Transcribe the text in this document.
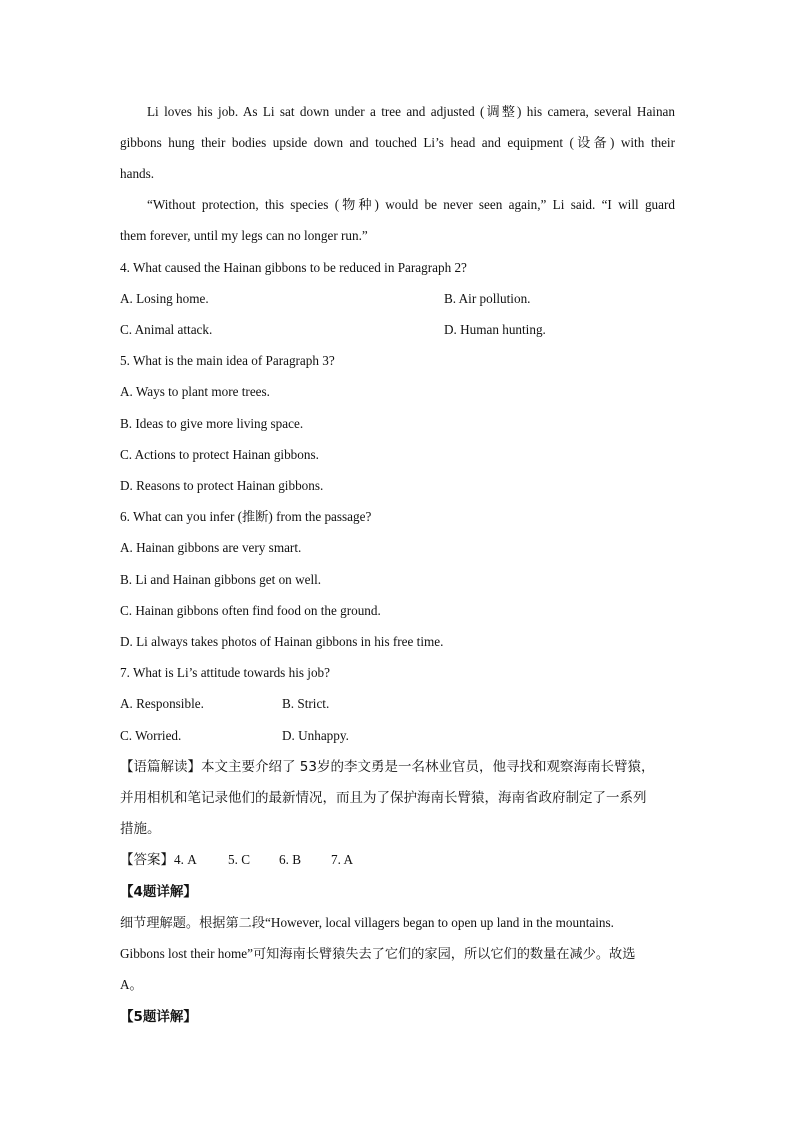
Li loves his job. As Li sat down under a tree and adjusted (调整) his camera, several Hainan
gibbons hung their bodies upside down and touched Li’s head and equipment (设备) with their
hands.
“Without protection, this species (物种) would be never seen again,” Li said. “I will guard
them forever, until my legs can no longer run.”
4. What caused the Hainan gibbons to be reduced in Paragraph 2?
A. Losing home.	B. Air pollution.
C. Animal attack.	D. Human hunting.
5. What is the main idea of Paragraph 3?
A. Ways to plant more trees.
B. Ideas to give more living space.
C. Actions to protect Hainan gibbons.
D. Reasons to protect Hainan gibbons.
6. What can you infer (推断) from the passage?
A. Hainan gibbons are very smart.
B. Li and Hainan gibbons get on well.
C. Hainan gibbons often find food on the ground.
D. Li always takes photos of Hainan gibbons in his free time.
7. What is Li’s attitude towards his job?
A. Responsible.	B. Strict.
C. Worried.	D. Unhappy.
【语篇解读】本文主要介绍了 53岁的李文勇是一名林业官员，他寻找和观察海南长臂猿，
并用相机和笔记录他们的最新情况，而且为了保护海南长臂猿，海南省政府制定了一系列
措施。
【答案】4. A	5. C 6. B 7. A
【4题详解】
细节理解题。根据第二段“However, local villagers began to open up land in the mountains.
Gibbons lost their home”可知海南长臂猿失去了它们的家园，所以它们的数量在减少。故选
A。
【5题详解】
